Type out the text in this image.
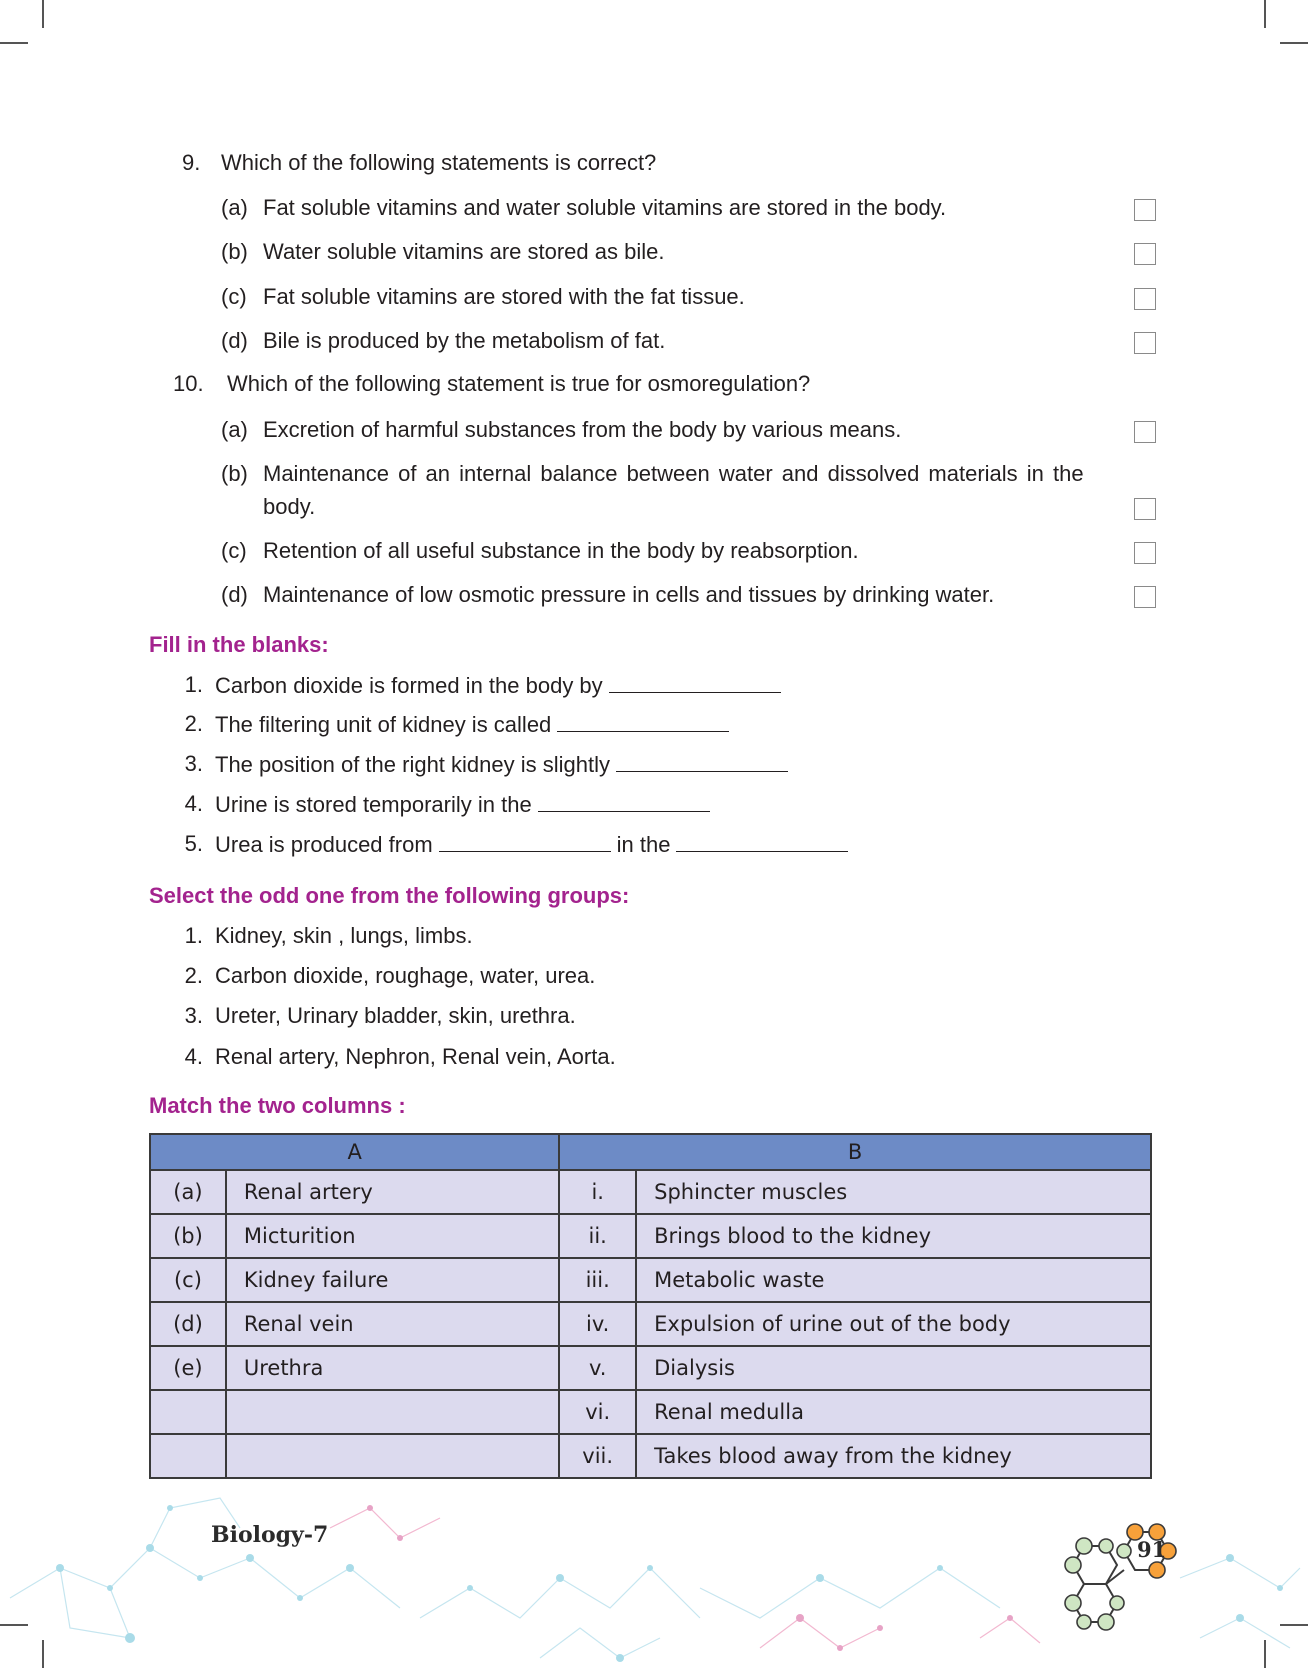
9. Which of the following statements is correct?
(a) Fat soluble vitamins and water soluble vitamins are stored in the body.
(b) Water soluble vitamins are stored as bile.
(c) Fat soluble vitamins are stored with the fat tissue.
(d) Bile is produced by the metabolism of fat.
10. Which of the following statement is true for osmoregulation?
(a) Excretion of harmful substances from the body by various means.
(b) Maintenance of an internal balance between water and dissolved materials in the
body.
(c) Retention of all useful substance in the body by reabsorption.
(d) Maintenance of low osmotic pressure in cells and tissues by drinking water.
Fill in the blanks:
1. Carbon dioxide is formed in the body by
2. The filtering unit of kidney is called
3. The position of the right kidney is slightly
4. Urine is stored temporarily in the
5. Urea is produced from	in the
Select the odd one from the following groups:
1. Kidney, skin , lungs, limbs.
2. Carbon dioxide, roughage, water, urea.
3. Ureter, Urinary bladder, skin, urethra.
4. Renal artery, Nephron, Renal vein, Aorta.
Match the two columns :
A		B	
(a)	Renal artery	i.	Sphincter muscles
(b)	Micturition	ii.	Brings blood to the kidney
(c)	Kidney failure	iii.	Metabolic waste
(d)	Renal vein	iv.	Expulsion of urine out of the body
(e)	Urethra	v.	Dialysis
		vi.	Renal medulla
		vii.	Takes blood away from the kidney
Biology-7
91
